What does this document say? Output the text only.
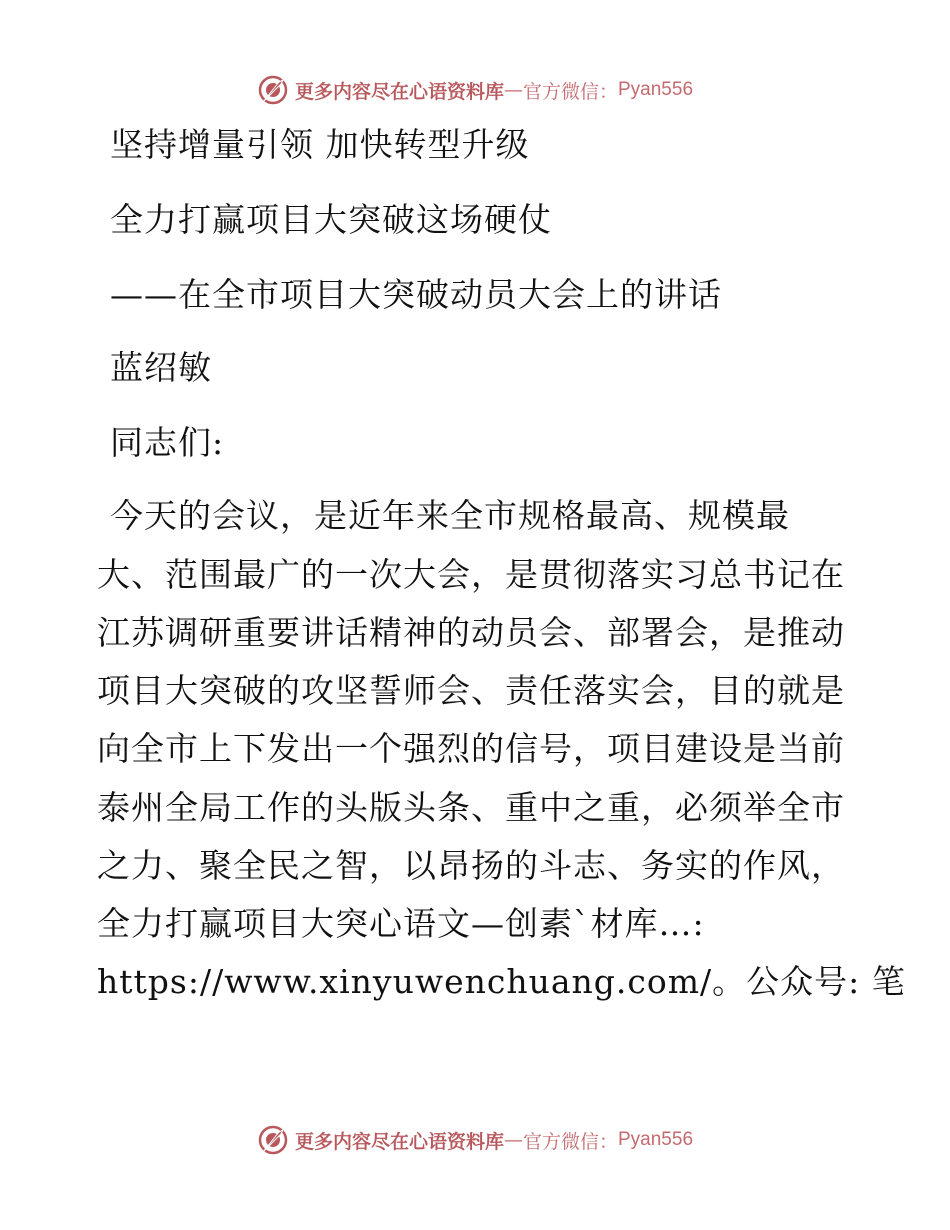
更多内容尽在心语资料库 — 官方微信： Pyan556
坚持增量引领 加快转型升级
全力打赢项目大突破这场硬仗
——在全市项目大突破动员大会上的讲话
蓝绍敏
同志们:
今天的会议，是近年来全市规格最高、规模最
大、范围最广的一次大会，是贯彻落实习总书记在
江苏调研重要讲话精神的动员会、部署会，是推动
项目大突破的攻坚誓师会、责任落实会，目的就是
向全市上下发出一个强烈的信号，项目建设是当前
泰州全局工作的头版头条、重中之重，必须举全市
之力、聚全民之智，以昂扬的斗志、务实的作风，
全力打赢项目大突心语文—创素`材库…:
https://www.xinyuwenchuang.com/。公众号: 笔
更多内容尽在心语资料库 — 官方微信： Pyan556
